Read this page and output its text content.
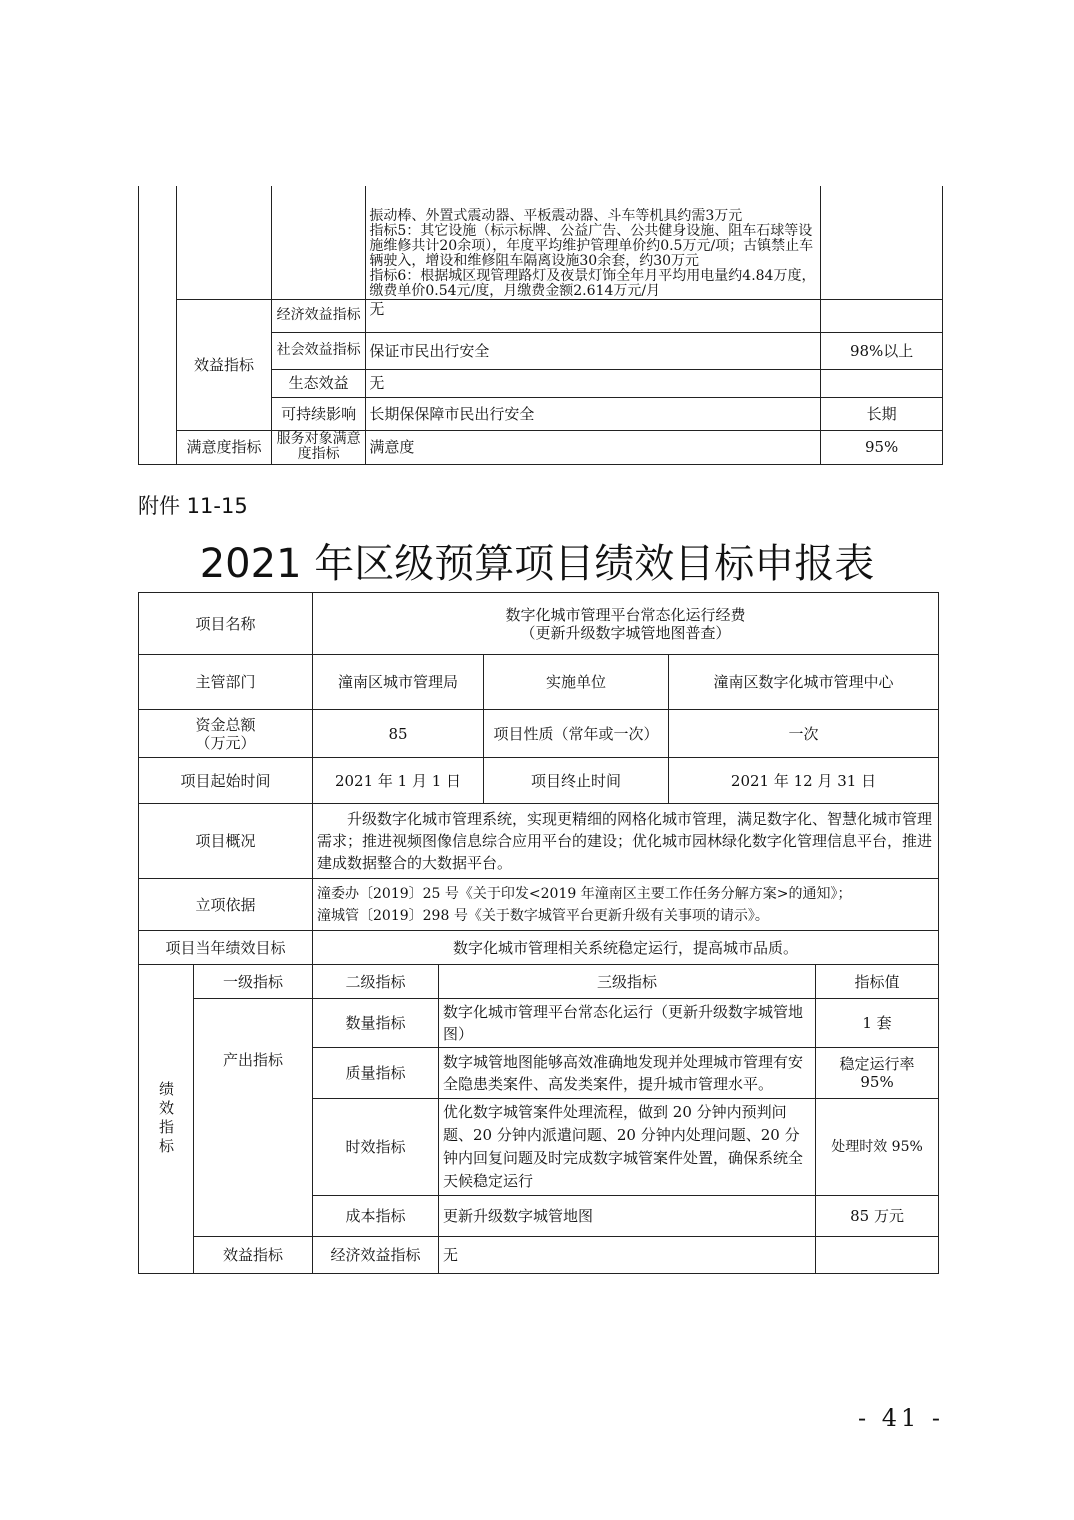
			振动棒、外置式震动器、平板震动器、斗车等机具约需3万元
指标5：其它设施（标示标牌、公益广告、公共健身设施、阻车石球等设施维修共计20余项），年度平均维护管理单价约0.5万元/项；古镇禁止车辆驶入，增设和维修阻车隔离设施30余套，约30万元
指标6：根据城区现管理路灯及夜景灯饰全年月平均用电量约4.84万度，缴费单价0.54元/度，月缴费金额2.614万元/月	
	效益指标	经济效益指标	无	
		社会效益指标	保证市民出行安全	98%以上
		生态效益	无	
		可持续影响	长期保保障市民出行安全	长期
	满意度指标	服务对象满意度指标	满意度	95%
附件 11-15
2021 年区级预算项目绩效目标申报表
项目名称		数字化城市管理平台常态化运行经费
（更新升级数字城管地图普查）				
主管部门		潼南区城市管理局		实施单位	潼南区数字化城市管理中心	
资金总额
（万元）		85		项目性质（常年或一次）	一次	
项目起始时间		2021 年 1 月 1 日		项目终止时间	2021 年 12 月 31 日	
项目概况		升级数字化城市管理系统，实现更精细的网格化城市管理，满足数字化、智慧化城市管理需求；推进视频图像信息综合应用平台的建设；优化城市园林绿化数字化管理信息平台，推进建成数据整合的大数据平台。				
立项依据		潼委办〔2019〕25 号《关于印发<2019 年潼南区主要工作任务分解方案>的通知》；
潼城管〔2019〕298 号《关于数字城管平台更新升级有关事项的请示》。				
项目当年绩效目标		数字化城市管理相关系统稳定运行，提高城市品质。				

绩效指标	一级指标	二级指标	三级指标			指标值
	产出指标	数量指标	数字化城市管理平台常态化运行（更新升级数字城管地图）			1 套
		质量指标	数字城管地图能够高效准确地发现并处理城市管理有安全隐患类案件、高发类案件，提升城市管理水平。			稳定运行率
95%
		时效指标	优化数字城管案件处理流程，做到 20 分钟内预判问题、20 分钟内派遣问题、20 分钟内处理问题、20 分钟内回复问题及时完成数字城管案件处置，确保系统全天候稳定运行			处理时效 95%
		成本指标	更新升级数字城管地图			85 万元
	效益指标	经济效益指标	无			
- 41 -
